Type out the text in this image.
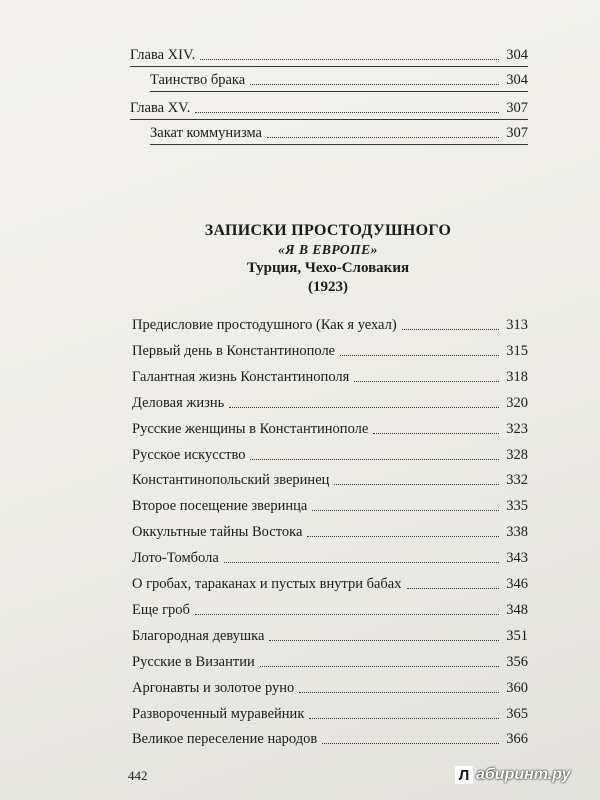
Глава XIV.	304
Таинство брака	304
Глава XV.	307
Закат коммунизма	307
ЗАПИСКИ ПРОСТОДУШНОГО
«Я В ЕВРОПЕ»
Турция, Чехо-Словакия
(1923)
Предисловие простодушного (Как я уехал)	313
Первый день в Константинополе	315
Галантная жизнь Константинополя	318
Деловая жизнь	320
Русские женщины в Константинополе	323
Русское искусство	328
Константинопольский зверинец	332
Второе посещение зверинца	335
Оккультные тайны Востока	338
Лото-Томбола	343
О гробах, тараканах и пустых внутри бабах	346
Еще гроб	348
Благородная девушка	351
Русские в Византии	356
Аргонавты и золотое руно	360
Развороченный муравейник	365
Великое переселение народов	366
442	Л абиринт.ру
